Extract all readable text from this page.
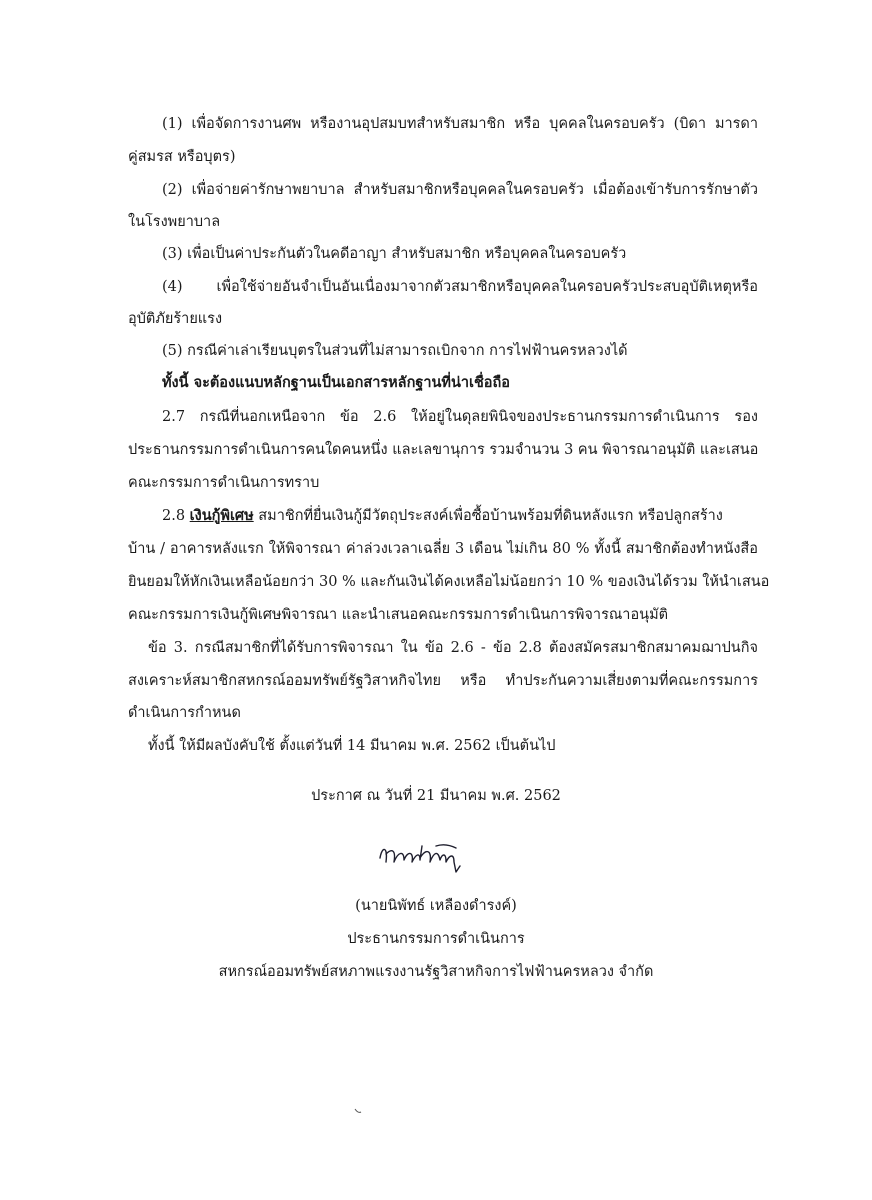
(1) เพื่อจัดการงานศพ หรืองานอุปสมบทสำหรับสมาชิก หรือ บุคคลในครอบครัว (บิดา มารดา
คู่สมรส หรือบุตร)
(2) เพื่อจ่ายค่ารักษาพยาบาล สำหรับสมาชิกหรือบุคคลในครอบครัว เมื่อต้องเข้ารับการรักษาตัว
ในโรงพยาบาล
(3) เพื่อเป็นค่าประกันตัวในคดีอาญา สำหรับสมาชิก หรือบุคคลในครอบครัว
(4) เพื่อใช้จ่ายอันจำเป็นอันเนื่องมาจากตัวสมาชิกหรือบุคคลในครอบครัวประสบอุบัติเหตุหรือ
อุบัติภัยร้ายแรง
(5) กรณีค่าเล่าเรียนบุตรในส่วนที่ไม่สามารถเบิกจาก การไฟฟ้านครหลวงได้
ทั้งนี้ จะต้องแนบหลักฐานเป็นเอกสารหลักฐานที่น่าเชื่อถือ
2.7 กรณีที่นอกเหนือจาก ข้อ 2.6 ให้อยู่ในดุลยพินิจของประธานกรรมการดำเนินการ รอง
ประธานกรรมการดำเนินการคนใดคนหนึ่ง และเลขานุการ รวมจำนวน 3 คน พิจารณาอนุมัติ และเสนอ
คณะกรรมการดำเนินการทราบ
2.8 เงินกู้พิเศษ สมาชิกที่ยื่นเงินกู้มีวัตถุประสงค์เพื่อซื้อบ้านพร้อมที่ดินหลังแรก หรือปลูกสร้าง
บ้าน / อาคารหลังแรก ให้พิจารณา ค่าล่วงเวลาเฉลี่ย 3 เดือน ไม่เกิน 80 % ทั้งนี้ สมาชิกต้องทำหนังสือ
ยินยอมให้หักเงินเหลือน้อยกว่า 30 % และกันเงินได้คงเหลือไม่น้อยกว่า 10 % ของเงินได้รวม ให้นำเสนอ
คณะกรรมการเงินกู้พิเศษพิจารณา และนำเสนอคณะกรรมการดำเนินการพิจารณาอนุมัติ
ข้อ 3. กรณีสมาชิกที่ได้รับการพิจารณา ใน ข้อ 2.6 - ข้อ 2.8 ต้องสมัครสมาชิกสมาคมฌาปนกิจ
สงเคราะห์สมาชิกสหกรณ์ออมทรัพย์รัฐวิสาหกิจไทย หรือ ทำประกันความเสี่ยงตามที่คณะกรรมการ
ดำเนินการกำหนด
ทั้งนี้ ให้มีผลบังคับใช้ ตั้งแต่วันที่ 14 มีนาคม พ.ศ. 2562 เป็นต้นไป
ประกาศ ณ วันที่ 21 มีนาคม พ.ศ. 2562
(นายนิพัทธ์ เหลืองดำรงค์)
ประธานกรรมการดำเนินการ
สหกรณ์ออมทรัพย์สหภาพแรงงานรัฐวิสาหกิจการไฟฟ้านครหลวง จำกัด
